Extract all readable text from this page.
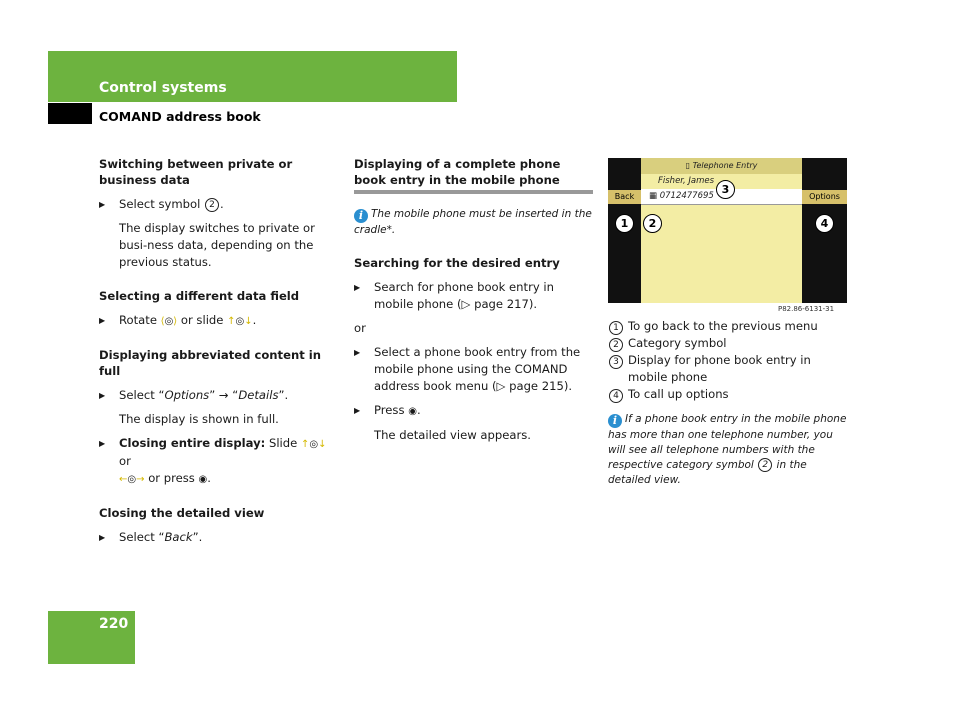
Control systems
COMAND address book
Switching between private or business data
▶ Select symbol 2 .
The display switches to private or busi-ness data, depending on the previous status.
Selecting a different data field
▶ Rotate ⟨◎⟩ or slide ↑◎↓.
Displaying abbreviated content in full
▶ Select “Options” → “Details”.
The display is shown in full.
▶ Closing entire display: Slide ↑◎↓ or
←◎→ or press ◉.
Closing the detailed view
▶ Select “Back”.
Displaying of a complete phone book entry in the mobile phone
i The mobile phone must be inserted in the cradle*.
Searching for the desired entry
▶ Search for phone book entry in mobile phone (▷ page 217).
or
▶ Select a phone book entry from the mobile phone using the COMAND address book menu (▷ page 215).
▶ Press ◉.
The detailed view appears.
▯ Telephone Entry
Fisher, James
▦ 0712477695
Back	Options
1	2
3
4
P82.86-6131-31
1 To go back to the previous menu
2 Category symbol
3 Display for phone book entry in mobile phone
4 To call up options
i If a phone book entry in the mobile phone has more than one telephone number, you will see all telephone numbers with the respective category symbol 2 in the detailed view.
220
